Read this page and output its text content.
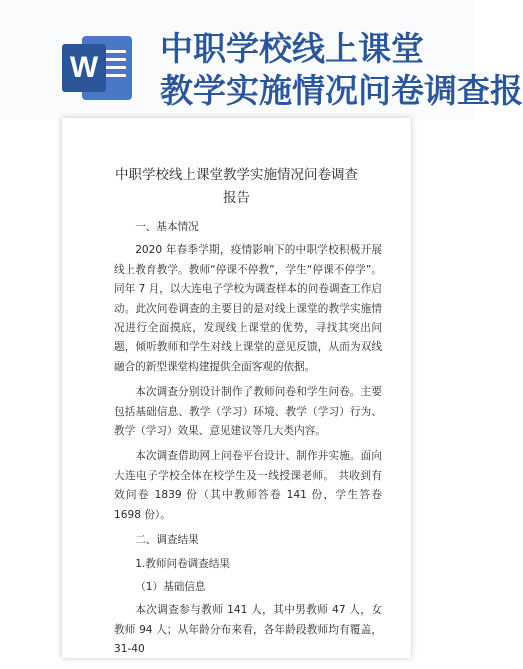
W 中职学校线上课堂
教学实施情况问卷调查报
中职学校线上课堂教学实施情况问卷调查
报告

一、基本情况

2020 年春季学期，疫情影响下的中职学校积极开展线上教育教学。教师“停课不停教”，学生“停课不停学”。同年 7 月，以大连电子学校为调查样本的问卷调查工作启动。此次问卷调查的主要目的是对线上课堂的教学实施情况进行全面摸底，发现线上课堂的优势，寻找其突出问题，倾听教师和学生对线上课堂的意见反馈，从而为双线融合的新型课堂构建提供全面客观的依据。

本次调查分别设计制作了教师问卷和学生问卷。主要包括基础信息、教学（学习）环境、教学（学习）行为、教学（学习）效果、意见建议等几大类内容。

本次调查借助网上问卷平台设计、制作并实施。面向大连电子学校全体在校学生及一线授课老师。 共收到有效问卷 1839 份（其中教师答卷 141 份，学生答卷 1698 份）。

二、调查结果

1.教师问卷调查结果

（1）基础信息

本次调查参与教师 141 人，其中男教师 47 人，女教师 94 人；从年龄分布来看，各年龄段教师均有覆盖，31-40
